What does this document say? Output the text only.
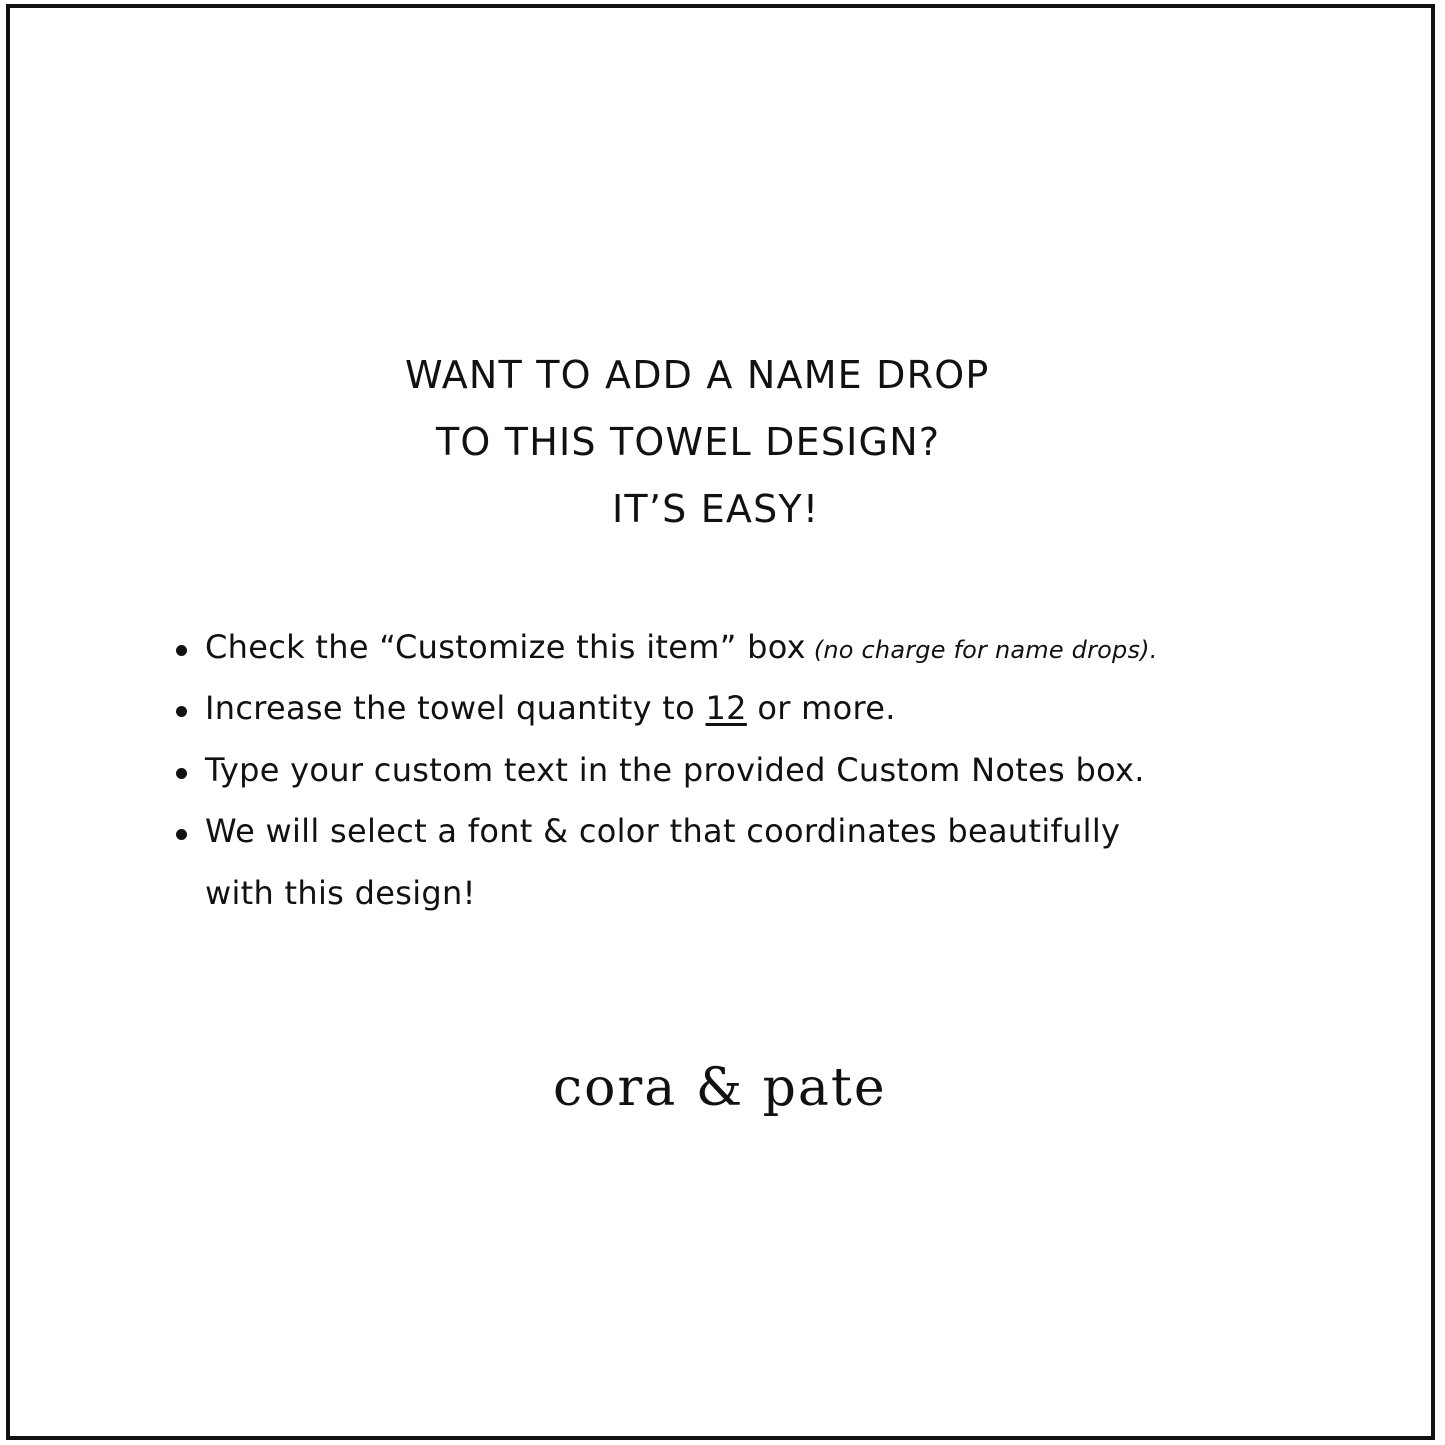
WANT TO ADD A NAME DROP
TO THIS TOWEL DESIGN?
IT’S EASY!
Check the “Customize this item” box (no charge for name drops).
Increase the towel quantity to 12 or more.
Type your custom text in the provided Custom Notes box.
We will select a font & color that coordinates beautifully
with this design!
cora & pate
